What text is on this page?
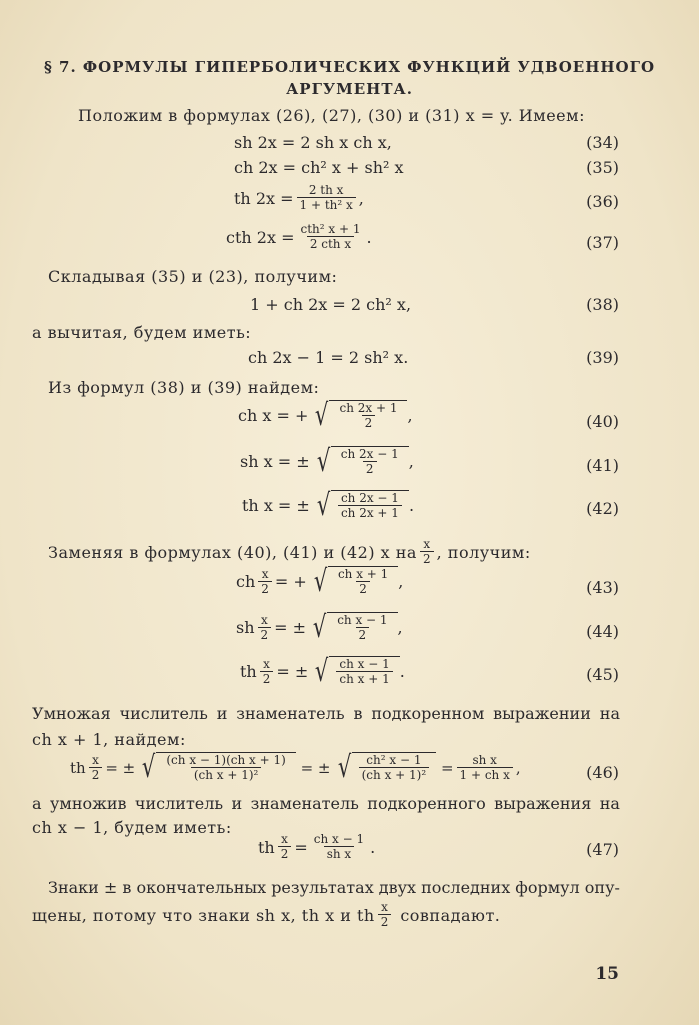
§ 7. ФОРМУЛЫ ГИПЕРБОЛИЧЕСКИХ ФУНКЦИЙ УДВОЕННОГО
АРГУМЕНТА.
Положим в формулах (26), (27), (30) и (31) x = y. Имеем:
sh 2x
= 2 sh x ch x,	(34)
ch 2x
= ch² x + sh² x	(35)
th $2x = \frac{\text{2 th x}}{\text{1 + th² x}}$ ,	(36)
cth $2x = \frac{\text{cth² x + 1}}{\text{2 cth x}}$ .	(37)
Складывая (35) и (23), получим:
1 + ch 2x = 2 ch² x,	(38)
а вычитая, будем иметь:
ch 2x − 1 = 2 sh² x.	(39)
Из формул (38) и (39) найдем:
ch x = + √ $\frac{ch 2x + 1}{2}$ ,	(40)
sh x = ± √ $\frac{ch 2x - 1}{2}$ ,	(41)
th x = ± √ $\frac{ch 2x - 1}{ch 2x + 1}$ .	(42)
Заменяя в формулах (40), (41) и (42) x на $\frac{x}{2}$ , получим:
ch $\frac{x}{2}$ = + √ $\frac{\text{ch x + 1}}{2}$ ,	(43)
sh $\frac{x}{2}$ = ± √ $\frac{\text{ch x − 1}}{2}$ ,	(44)
th $\frac{x}{2}$ = ± √ $\frac{\text{ch x − 1}}{\text{ch x + 1}}$ .	(45)
Умножая числитель и знаменатель в подкоренном выражении на
ch x + 1, найдем:
th $\frac{x}{2}$ = ± √ $\frac{\text{(ch x − 1)(ch x + 1)}}{\text{(ch x + 1)²}}$
= ± √ $\frac{\text{ch² x − 1}}{\text{(ch x + 1)²}}$
= $\frac{\text{sh x}}{\text{1 + ch x}}$ ,	(46)
а умножив числитель и знаменатель подкоренного выражения на
ch x − 1, будем иметь:
th $\frac{x}{2} = \frac{\text{ch x − 1}}{\text{sh x}}$ .	(47)
Знаки ± в окончательных результатах двух последних формул опу-
щены, потому что знаки sh x, th x и th $\frac{x}{2}$ совпадают.
15
